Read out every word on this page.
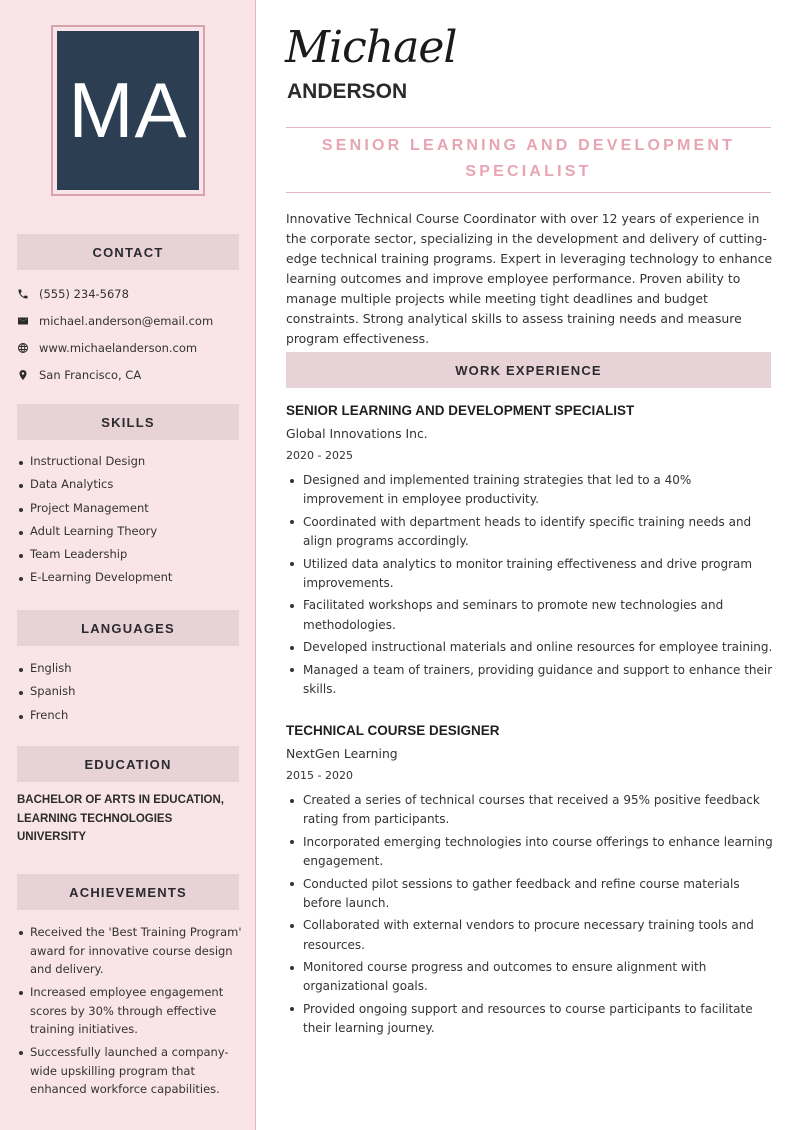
MA
CONTACT
(555) 234-5678
michael.anderson@email.com
www.michaelanderson.com
San Francisco, CA
SKILLS
Instructional Design
Data Analytics
Project Management
Adult Learning Theory
Team Leadership
E-Learning Development
LANGUAGES
English
Spanish
French
EDUCATION
BACHELOR OF ARTS IN EDUCATION, LEARNING TECHNOLOGIES UNIVERSITY
ACHIEVEMENTS
Received the 'Best Training Program' award for innovative course design and delivery.
Increased employee engagement scores by 30% through effective training initiatives.
Successfully launched a company-wide upskilling program that enhanced workforce capabilities.
Michael
ANDERSON
SENIOR LEARNING AND DEVELOPMENT SPECIALIST

Innovative Technical Course Coordinator with over 12 years of experience in the corporate sector, specializing in the development and delivery of cutting-edge technical training programs. Expert in leveraging technology to enhance learning outcomes and improve employee performance. Proven ability to manage multiple projects while meeting tight deadlines and budget constraints. Strong analytical skills to assess training needs and measure program effectiveness.

WORK EXPERIENCE
SENIOR LEARNING AND DEVELOPMENT SPECIALIST
Global Innovations Inc.
2020 - 2025
Designed and implemented training strategies that led to a 40% improvement in employee productivity.
Coordinated with department heads to identify specific training needs and align programs accordingly.
Utilized data analytics to monitor training effectiveness and drive program improvements.
Facilitated workshops and seminars to promote new technologies and methodologies.
Developed instructional materials and online resources for employee training.
Managed a team of trainers, providing guidance and support to enhance their skills.
TECHNICAL COURSE DESIGNER
NextGen Learning
2015 - 2020
Created a series of technical courses that received a 95% positive feedback rating from participants.
Incorporated emerging technologies into course offerings to enhance learning engagement.
Conducted pilot sessions to gather feedback and refine course materials before launch.
Collaborated with external vendors to procure necessary training tools and resources.
Monitored course progress and outcomes to ensure alignment with organizational goals.
Provided ongoing support and resources to course participants to facilitate their learning journey.
